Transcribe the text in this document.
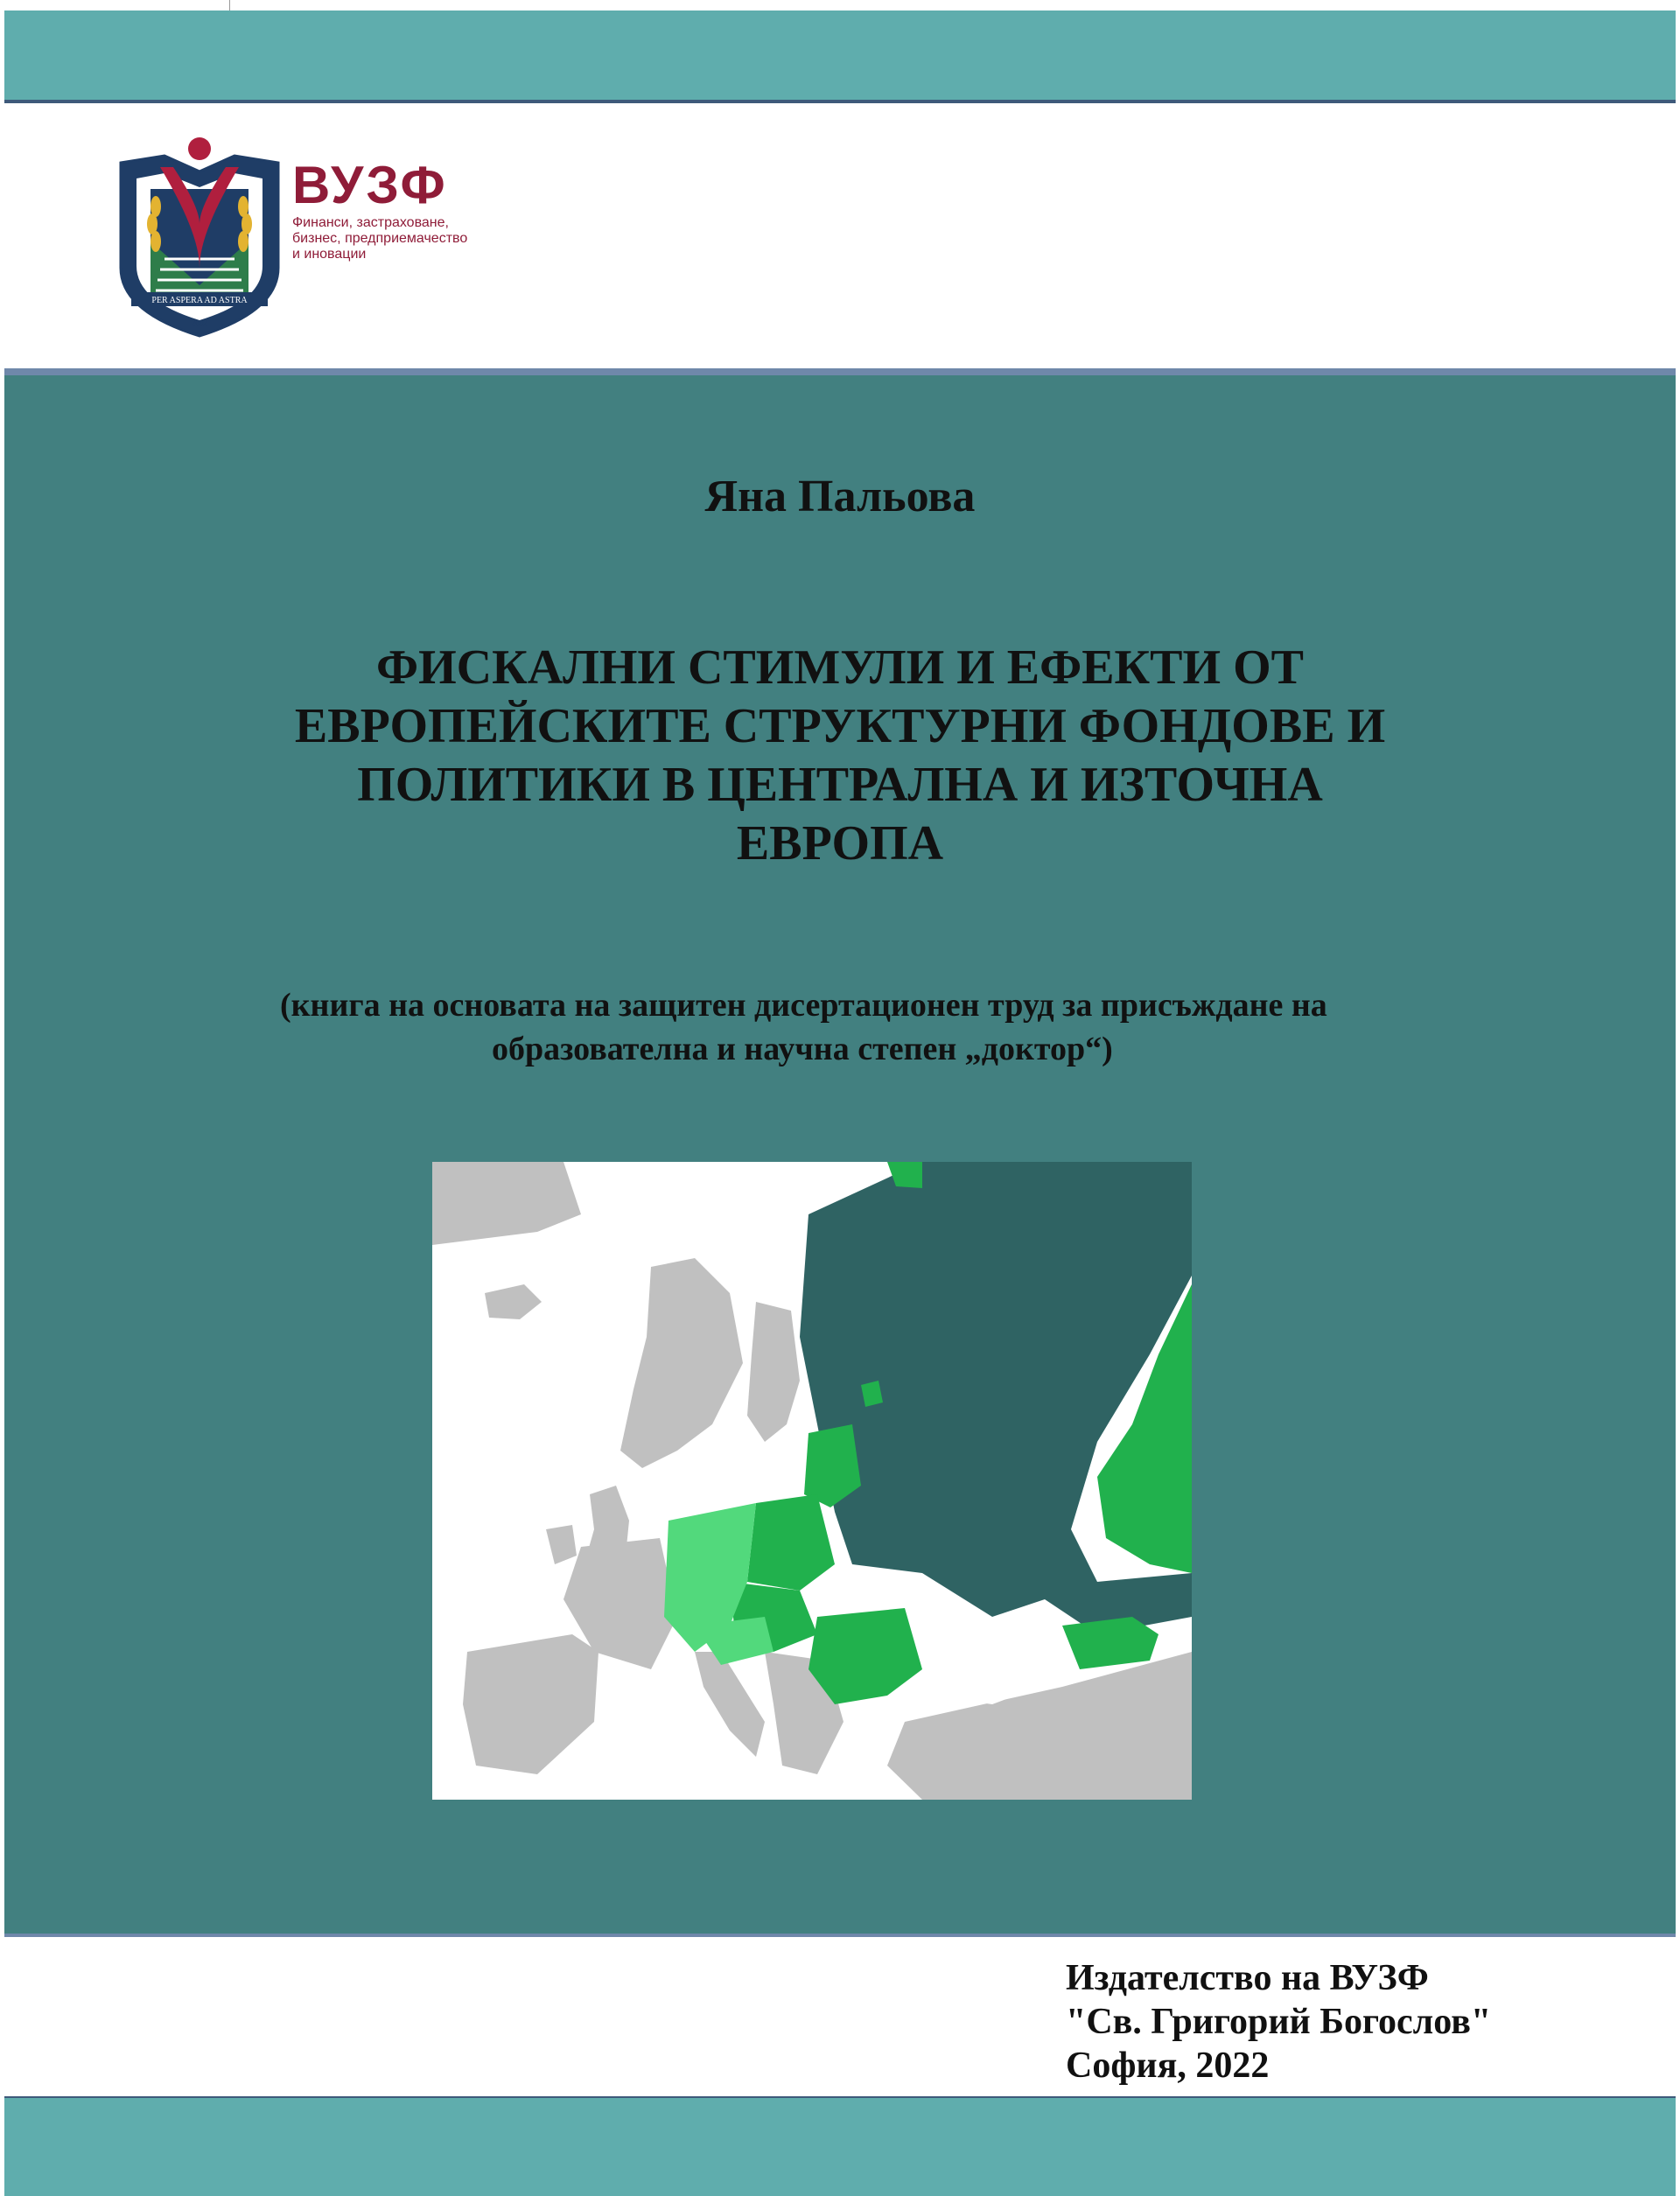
PER ASPERA AD ASTRA
2002
ВУЗФ
Финанси, застраховане,
бизнес, предприемачество
и иновации
Яна Пальова
ФИСКАЛНИ СТИМУЛИ И ЕФЕКТИ ОТ
ЕВРОПЕЙСКИТЕ СТРУКТУРНИ ФОНДОВЕ И
ПОЛИТИКИ В ЦЕНТРАЛНА И ИЗТОЧНА
ЕВРОПА
(книга на основата на защитен дисертационен труд за присъждане на
образователна и научна степен „доктор“)
Издателство на ВУЗФ
"Св. Григорий Богослов"
София, 2022
